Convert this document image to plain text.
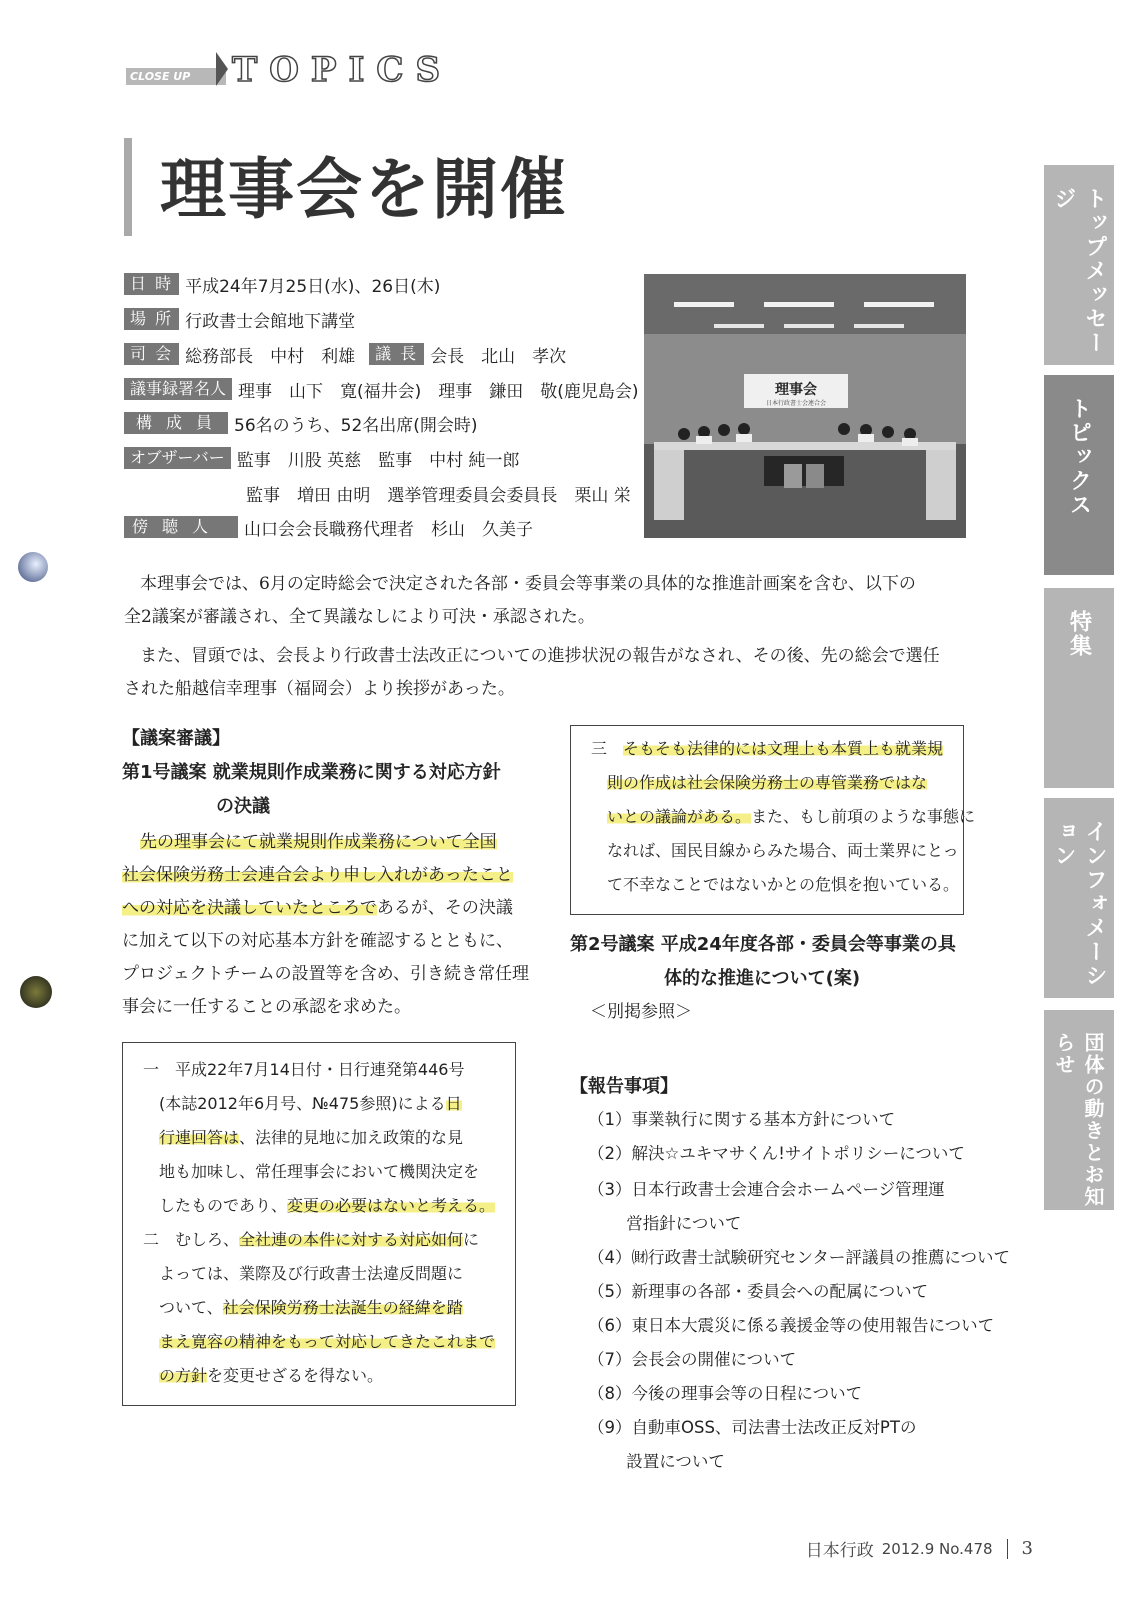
CLOSE UP	TOPICS
理事会を開催
日 時 平成24年7月25日(水)、26日(木)
場 所 行政書士会館地下講堂
司 会 総務部長　中村　利雄	議 長 会長　北山　孝次
議事録署名人 理事　山下　寛(福井会)　理事　鎌田　敬(鹿児島会)
構成員 56名のうち、52名出席(開会時)
オブザーバー 監事　川股 英慈　監事　中村 純一郎
監事　増田 由明　選挙管理委員会委員長　栗山 栄
傍聴人	山口会会長職務代理者　杉山　久美子
理事会
日本行政書士会連合会
トップメッセージ
トピックス
特集
インフォメーション
団体の動きとお知らせ
本理事会では、6月の定時総会で決定された各部・委員会等事業の具体的な推進計画案を含む、以下の
全2議案が審議され、全て異議なしにより可決・承認された。
また、冒頭では、会長より行政書士法改正についての進捗状況の報告がなされ、その後、先の総会で選任
された船越信幸理事（福岡会）より挨拶があった。
【議案審議】
第1号議案 就業規則作成業務に関する対応方針
の決議
先の理事会にて就業規則作成業務について全国
社会保険労務士会連合会より申し入れがあったこと
への対応を決議していたところであるが、その決議
に加えて以下の対応基本方針を確認するとともに、
プロジェクトチームの設置等を含め、引き続き常任理
事会に一任することの承認を求めた。
一　平成22年7月14日付・日行連発第446号
　(本誌2012年6月号、№475参照)による日
　行連回答は、法律的見地に加え政策的な見
　地も加味し、常任理事会において機関決定を
　したものであり、変更の必要はないと考える。
二　むしろ、全社連の本件に対する対応如何に
　よっては、業際及び行政書士法違反問題に
　ついて、社会保険労務士法誕生の経緯を踏
　まえ寛容の精神をもって対応してきたこれまで
　の方針を変更せざるを得ない。
三　そもそも法律的には文理上も本質上も就業規
　則の作成は社会保険労務士の専管業務ではな
　いとの議論がある。また、もし前項のような事態に
　なれば、国民目線からみた場合、両士業界にとっ
　て不幸なことではないかとの危惧を抱いている。
第2号議案 平成24年度各部・委員会等事業の具
体的な推進について(案)
＜別掲参照＞
【報告事項】
（1）事業執行に関する基本方針について
（2）解決☆ユキマサくん!サイトポリシーについて
（3）日本行政書士会連合会ホームページ管理運
　　 営指針について
（4）㈶行政書士試験研究センター評議員の推薦について
（5）新理事の各部・委員会への配属について
（6）東日本大震災に係る義援金等の使用報告について
（7）会長会の開催について
（8）今後の理事会等の日程について
（9）自動車OSS、司法書士法改正反対PTの
　　 設置について
日本行政 2012.9 No.478 3
